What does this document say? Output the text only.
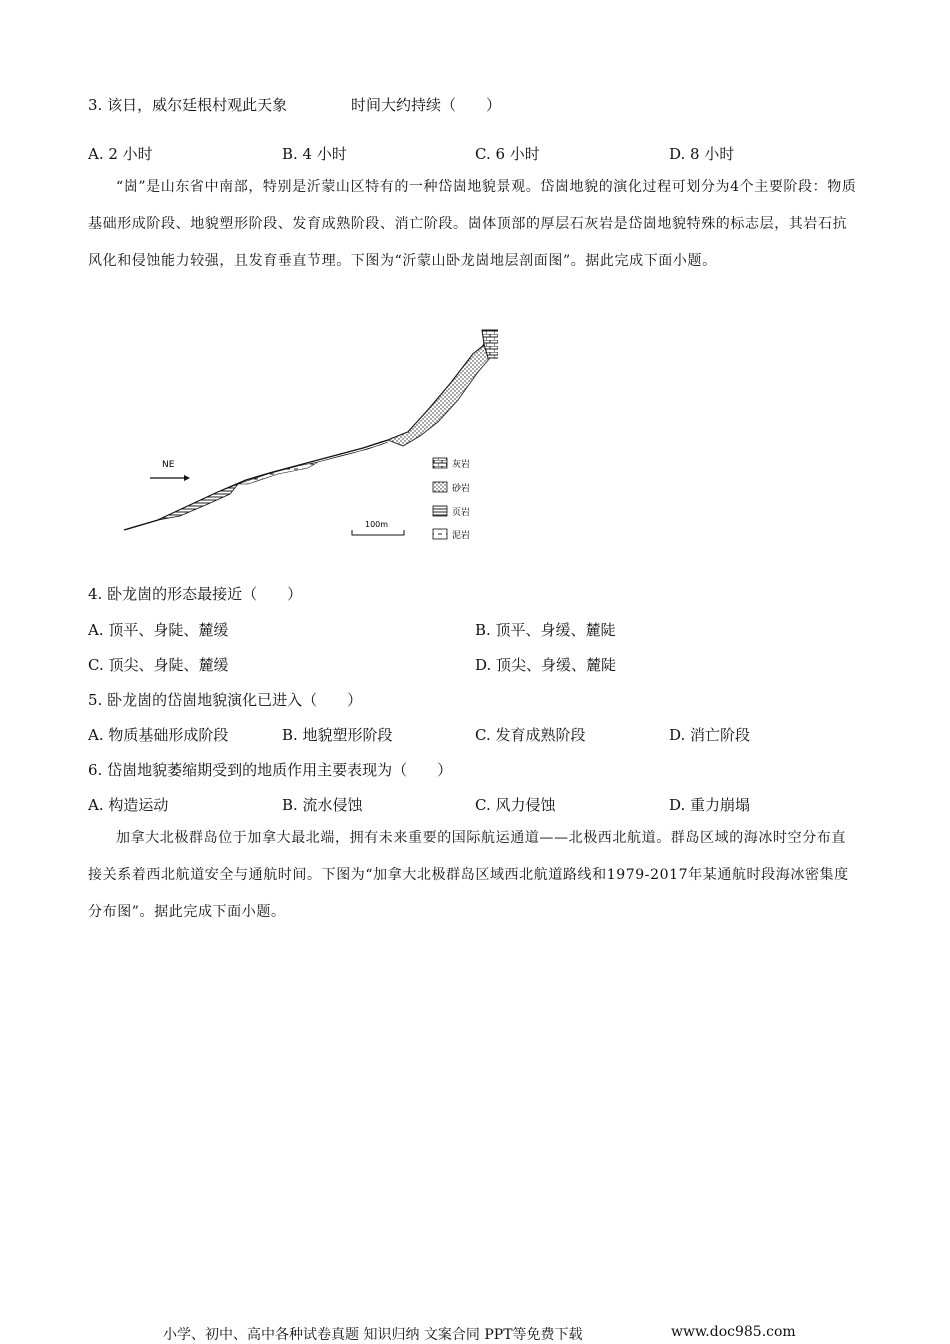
3. 该日，威尔廷根村观此天象	时间大约持续（　　）
A. 2 小时	B. 4 小时	C. 6 小时	D. 8 小时
“崮”是山东省中南部，特别是沂蒙山区特有的一种岱崮地貌景观。岱崮地貌的演化过程可划分为4个主要阶段：物质基础形成阶段、地貌塑形阶段、发育成熟阶段、消亡阶段。崮体顶部的厚层石灰岩是岱崮地貌特殊的标志层，其岩石抗风化和侵蚀能力较强，且发育垂直节理。下图为“沂蒙山卧龙崮地层剖面图”。据此完成下面小题。
NE	灰岩
砂岩
页岩
泥岩
100m
4. 卧龙崮的形态最接近（　　）
A. 顶平、身陡、麓缓	B. 顶平、身缓、麓陡
C. 顶尖、身陡、麓缓	D. 顶尖、身缓、麓陡
5. 卧龙崮的岱崮地貌演化已进入（　　）
A. 物质基础形成阶段	B. 地貌塑形阶段	C. 发育成熟阶段	D. 消亡阶段
6. 岱崮地貌萎缩期受到的地质作用主要表现为（　　）
A. 构造运动	B. 流水侵蚀	C. 风力侵蚀	D. 重力崩塌
加拿大北极群岛位于加拿大最北端，拥有未来重要的国际航运通道——北极西北航道。群岛区域的海冰时空分布直接关系着西北航道安全与通航时间。下图为“加拿大北极群岛区域西北航道路线和1979-2017年某通航时段海冰密集度分布图”。据此完成下面小题。
小学、初中、高中各种试卷真题 知识归纳 文案合同 PPT等免费下载	www.doc985.com
